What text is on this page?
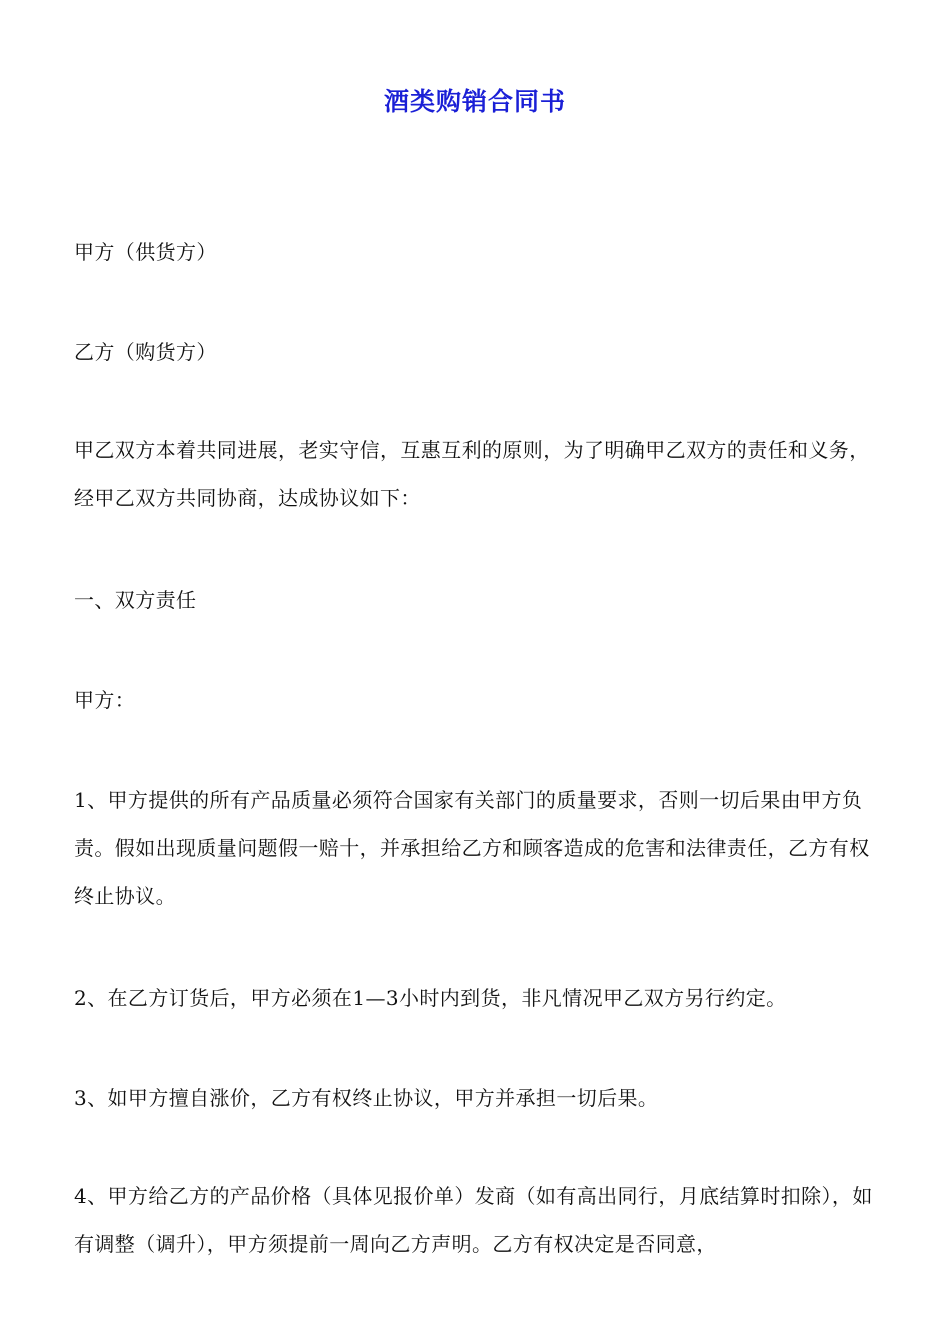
酒类购销合同书

甲方（供货方）

乙方（购货方）

甲乙双方本着共同进展，老实守信，互惠互利的原则，为了明确甲乙双方的责任和义务，经甲乙双方共同协商，达成协议如下：

一、双方责任

甲方：

1、甲方提供的所有产品质量必须符合国家有关部门的质量要求，否则一切后果由甲方负责。假如出现质量问题假一赔十，并承担给乙方和顾客造成的危害和法律责任，乙方有权终止协议。

2、在乙方订货后，甲方必须在1—3小时内到货，非凡情况甲乙双方另行约定。

3、如甲方擅自涨价，乙方有权终止协议，甲方并承担一切后果。

4、甲方给乙方的产品价格（具体见报价单）发商（如有高出同行，月底结算时扣除），如有调整（调升），甲方须提前一周向乙方声明。乙方有权决定是否同意，
